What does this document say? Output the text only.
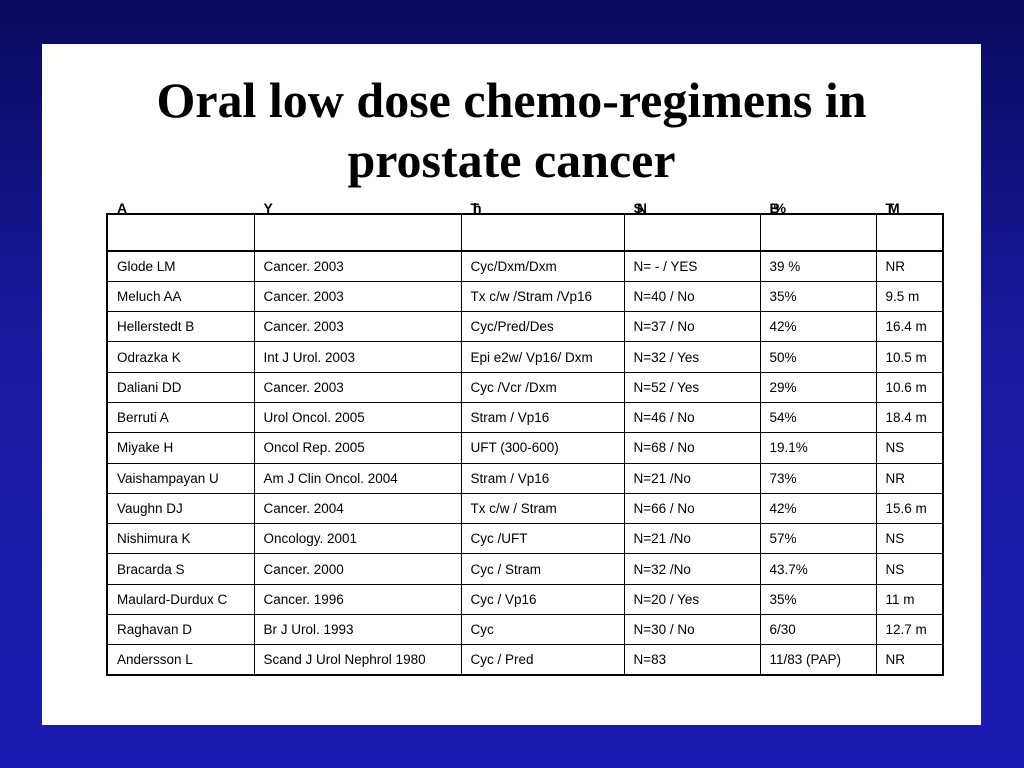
Oral low dose chemo-regimens in
prostate cancer
A	Y	Th	SN	B%	TM

Glode LM	Cancer. 2003	Cyc/Dxm/Dxm	N= - / YES	39 %	NR
Meluch AA	Cancer. 2003	Tx c/w /Stram /Vp16	N=40 / No	35%	9.5 m
Hellerstedt B	Cancer. 2003	Cyc/Pred/Des	N=37 / No	42%	16.4 m
Odrazka K	Int J Urol. 2003	Epi e2w/ Vp16/ Dxm	N=32 / Yes	50%	10.5 m
Daliani DD	Cancer. 2003	Cyc /Vcr /Dxm	N=52 / Yes	29%	10.6 m
Berruti A	Urol Oncol. 2005	Stram / Vp16	N=46 / No	54%	18.4 m
Miyake H	Oncol Rep. 2005	UFT (300-600)	N=68 / No	19.1%	NS
Vaishampayan U	Am J Clin Oncol. 2004	Stram / Vp16	N=21 /No	73%	NR
Vaughn DJ	Cancer. 2004	Tx c/w / Stram	N=66 / No	42%	15.6 m
Nishimura K	Oncology. 2001	Cyc /UFT	N=21 /No	57%	NS
Bracarda S	Cancer. 2000	Cyc / Stram	N=32 /No	43.7%	NS
Maulard-Durdux C	Cancer. 1996	Cyc / Vp16	N=20 / Yes	35%	11 m
Raghavan D	Br J Urol. 1993	Cyc	N=30 / No	6/30	12.7 m
Andersson L	Scand J Urol Nephrol 1980	Cyc / Pred	N=83	11/83 (PAP)	NR
